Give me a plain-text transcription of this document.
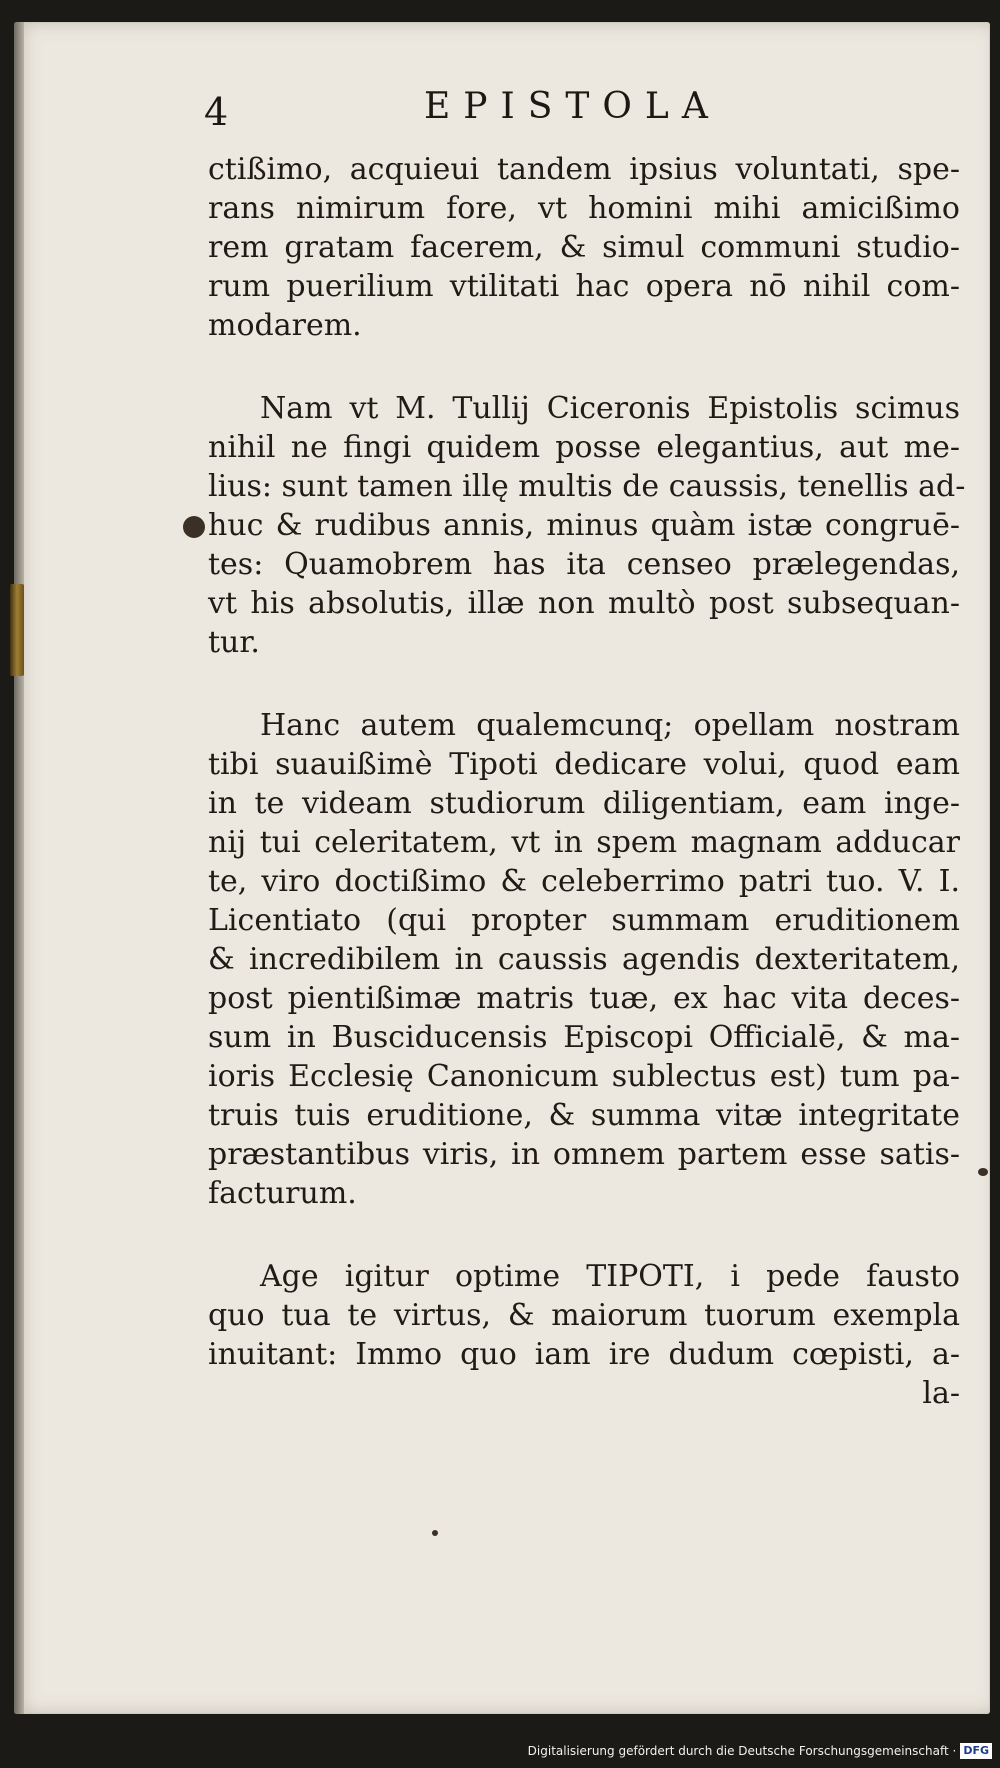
4	EPISTOLA
ctißimo, acquieui tandem ipsius voluntati, spe-
rans nimirum fore, vt homini mihi amicißimo
rem gratam facerem, & simul communi studio-
rum puerilium vtilitati hac opera nō nihil com-
modarem.
Nam vt M. Tullij Ciceronis Epistolis scimus
nihil ne fingi quidem posse elegantius, aut me-
lius: sunt tamen illę multis de caussis, tenellis ad-
huc & rudibus annis, minus quàm istæ congruē-
tes: Quamobrem has ita censeo prælegendas,
vt his absolutis, illæ non multò post subsequan-
tur.
Hanc autem qualemcunq; opellam nostram
tibi suauißimè Tipoti dedicare volui, quod eam
in te videam studiorum diligentiam, eam inge-
nij tui celeritatem, vt in spem magnam adducar
te, viro doctißimo & celeberrimo patri tuo. V. I.
Licentiato (qui propter summam eruditionem
& incredibilem in caussis agendis dexteritatem,
post pientißimæ matris tuæ, ex hac vita deces-
sum in Busciducensis Episcopi Officialē, & ma-
ioris Ecclesię Canonicum sublectus est) tum pa-
truis tuis eruditione, & summa vitæ integritate
præstantibus viris, in omnem partem esse satis-
facturum.
Age igitur optime TIPOTI, i pede fausto
quo tua te virtus, & maiorum tuorum exempla
inuitant: Immo quo iam ire dudum cœpisti, a-
la-
Digitalisierung gefördert durch die Deutsche Forschungsgemeinschaft · DFG
